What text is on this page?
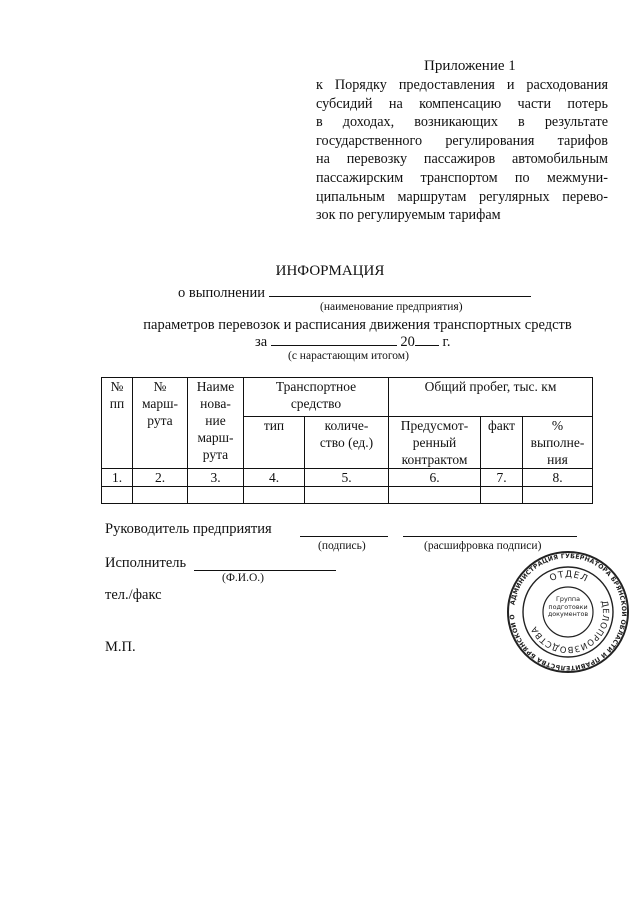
Приложение 1
к Порядку предоставления и расходования
субсидий на компенсацию части потерь
в доходах, возникающих в результате
государственного регулирования тарифов
на перевозку пассажиров автомобильным
пассажирским транспортом по межмуни-
ципальным маршрутам регулярных перево-
зок по регулируемым тарифам
ИНФОРМАЦИЯ
о выполнении
(наименование предприятия)
параметров перевозок и расписания движения транспортных средств
за	20 г.
(с нарастающим итогом)
№ пп	№ марш- рута	Наиме нова- ние марш- рута	Транспортное средство		Общий пробег, тыс. км		
			тип	количе- ство (ед.)	Предусмот- ренный контрактом	факт	% выполне- ния

1.	2.	3.	4.	5.	6.	7.	8.

Руководитель предприятия
(подпись)	(расшифровка подписи)
Исполнитель
(Ф.И.О.)
тел./факс
М.П.
АДМИНИСТРАЦИЯ ГУБЕРНАТОРА БРЯНСКОЙ ОБЛАСТИ И ПРАВИТЕЛЬСТВА БРЯНСКОЙ О
ОТДЕЛ
ДЕЛОПРОИЗВОДСТВА
Группа подготовки документов
